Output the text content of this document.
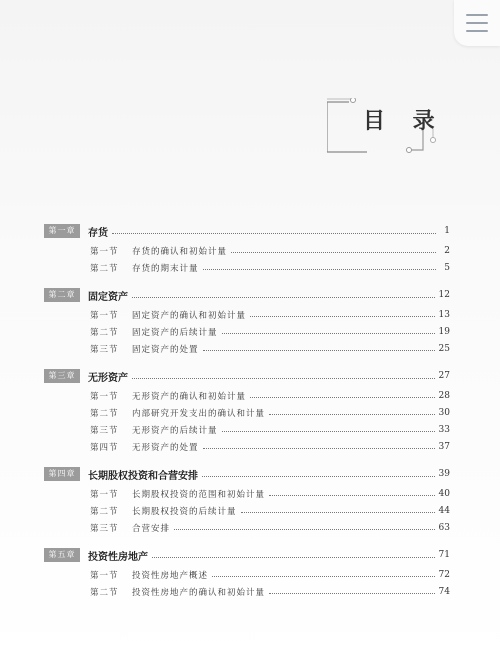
目 录
第一章	存货	1
第一节	存货的确认和初始计量	2
第二节	存货的期末计量	5
第二章	固定资产	12
第一节	固定资产的确认和初始计量	13
第二节	固定资产的后续计量	19
第三节	固定资产的处置	25
第三章	无形资产	27
第一节	无形资产的确认和初始计量	28
第二节	内部研究开发支出的确认和计量	30
第三节	无形资产的后续计量	33
第四节	无形资产的处置	37
第四章	长期股权投资和合营安排	39
第一节	长期股权投资的范围和初始计量	40
第二节	长期股权投资的后续计量	44
第三节	合营安排	63
第五章	投资性房地产	71
第一节	投资性房地产概述	72
第二节	投资性房地产的确认和初始计量	74
